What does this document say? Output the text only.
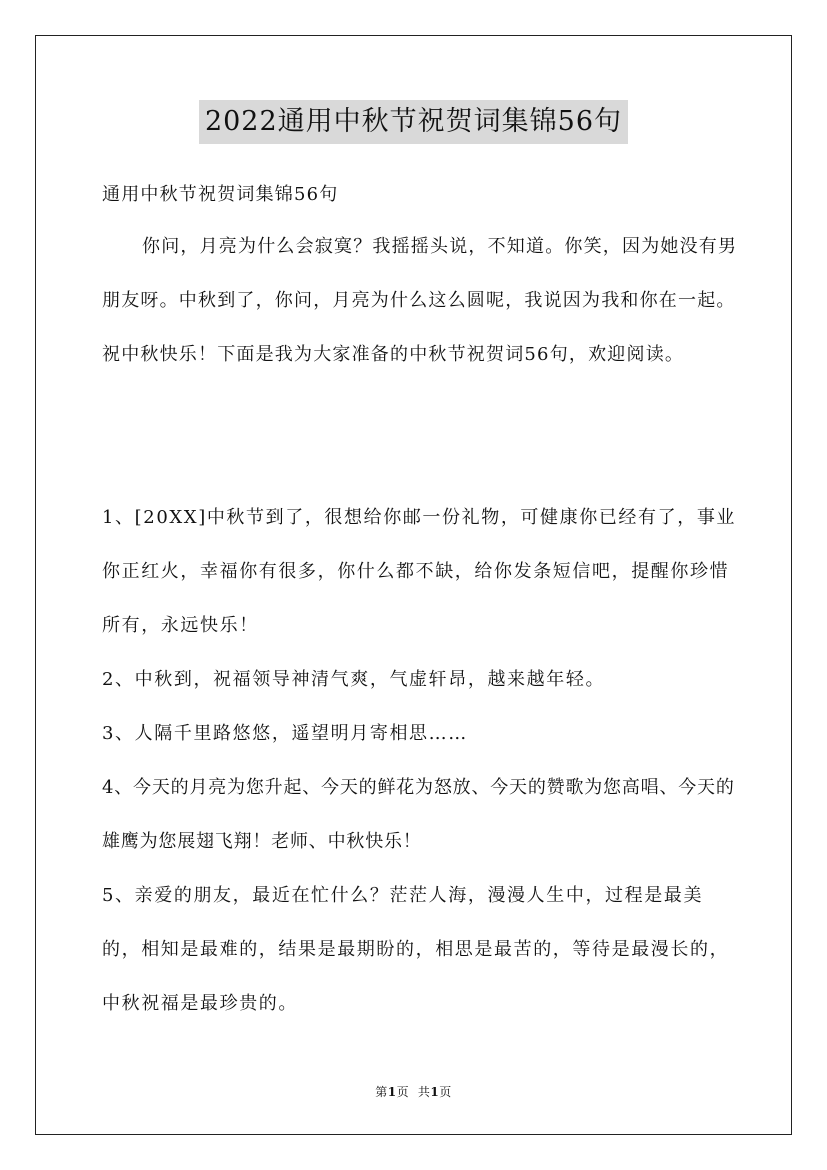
2022通用中秋节祝贺词集锦56句

通用中秋节祝贺词集锦56句

你问，月亮为什么会寂寞？我摇摇头说，不知道。你笑，因为她没有男朋友呀。中秋到了，你问，月亮为什么这么圆呢，我说因为我和你在一起。祝中秋快乐！下面是我为大家准备的中秋节祝贺词56句，欢迎阅读。

1、[20XX]中秋节到了，很想给你邮一份礼物，可健康你已经有了，事业你正红火，幸福你有很多，你什么都不缺，给你发条短信吧，提醒你珍惜所有，永远快乐！

2、中秋到，祝福领导神清气爽，气虚轩昂，越来越年轻。

3、人隔千里路悠悠，遥望明月寄相思……

4、今天的月亮为您升起、今天的鲜花为怒放、今天的赞歌为您高唱、今天的雄鹰为您展翅飞翔！老师、中秋快乐！

5、亲爱的朋友，最近在忙什么？茫茫人海，漫漫人生中，过程是最美的，相知是最难的，结果是最期盼的，相思是最苦的，等待是最漫长的，中秋祝福是最珍贵的。

第1页 共1页
